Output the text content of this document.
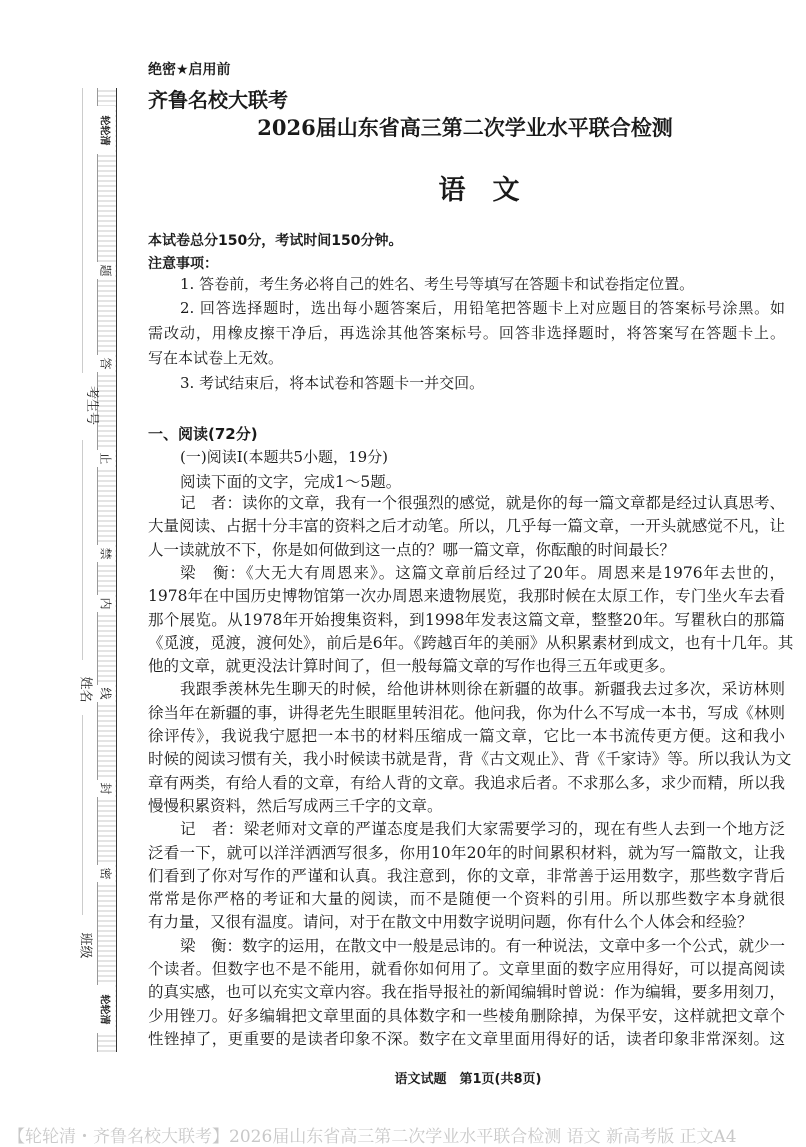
轮轮清
轮轮清
题
答
止
禁
内
线
封
密
考生号
姓名
班级
绝密★启用前
齐鲁名校大联考
2026届山东省高三第二次学业水平联合检测
语　文
本试卷总分150分，考试时间150分钟。
注意事项：
1. 答卷前，考生务必将自己的姓名、考生号等填写在答题卡和试卷指定位置。
2. 回答选择题时，选出每小题答案后，用铅笔把答题卡上对应题目的答案标号涂黑。如
需改动，用橡皮擦干净后，再选涂其他答案标号。回答非选择题时，将答案写在答题卡上。
写在本试卷上无效。
3. 考试结束后，将本试卷和答题卡一并交回。
一、阅读(72分)
(一)阅读Ⅰ(本题共5小题，19分)
阅读下面的文字，完成1～5题。
记　者：读你的文章，我有一个很强烈的感觉，就是你的每一篇文章都是经过认真思考、
大量阅读、占据十分丰富的资料之后才动笔。所以，几乎每一篇文章，一开头就感觉不凡，让
人一读就放不下，你是如何做到这一点的？哪一篇文章，你酝酿的时间最长？
梁　衡：《大无大有周恩来》。这篇文章前后经过了20年。周恩来是1976年去世的，
1978年在中国历史博物馆第一次办周恩来遗物展览，我那时候在太原工作，专门坐火车去看
那个展览。从1978年开始搜集资料，到1998年发表这篇文章，整整20年。写瞿秋白的那篇
《觅渡，觅渡，渡何处》，前后是6年。《跨越百年的美丽》从积累素材到成文，也有十几年。其
他的文章，就更没法计算时间了，但一般每篇文章的写作也得三五年或更多。
我跟季羡林先生聊天的时候，给他讲林则徐在新疆的故事。新疆我去过多次，采访林则
徐当年在新疆的事，讲得老先生眼眶里转泪花。他问我，你为什么不写成一本书，写成《林则
徐评传》，我说我宁愿把一本书的材料压缩成一篇文章，它比一本书流传更方便。这和我小
时候的阅读习惯有关，我小时候读书就是背，背《古文观止》、背《千家诗》等。所以我认为文
章有两类，有给人看的文章，有给人背的文章。我追求后者。不求那么多，求少而精，所以我
慢慢积累资料，然后写成两三千字的文章。
记　者：梁老师对文章的严谨态度是我们大家需要学习的，现在有些人去到一个地方泛
泛看一下，就可以洋洋洒洒写很多，你用10年20年的时间累积材料，就为写一篇散文，让我
们看到了你对写作的严谨和认真。我注意到，你的文章，非常善于运用数字，那些数字背后
常常是你严格的考证和大量的阅读，而不是随便一个资料的引用。所以那些数字本身就很
有力量，又很有温度。请问，对于在散文中用数字说明问题，你有什么个人体会和经验？
梁　衡：数字的运用，在散文中一般是忌讳的。有一种说法，文章中多一个公式，就少一
个读者。但数字也不是不能用，就看你如何用了。文章里面的数字应用得好，可以提高阅读
的真实感，也可以充实文章内容。我在指导报社的新闻编辑时曾说：作为编辑，要多用刻刀，
少用锉刀。好多编辑把文章里面的具体数字和一些棱角删除掉，为保平安，这样就把文章个
性锉掉了，更重要的是读者印象不深。数字在文章里面用得好的话，读者印象非常深刻。这
语文试题　第1页(共8页)
【轮轮清・齐鲁名校大联考】2026届山东省高三第二次学业水平联合检测 语文 新高考版 正文A4
